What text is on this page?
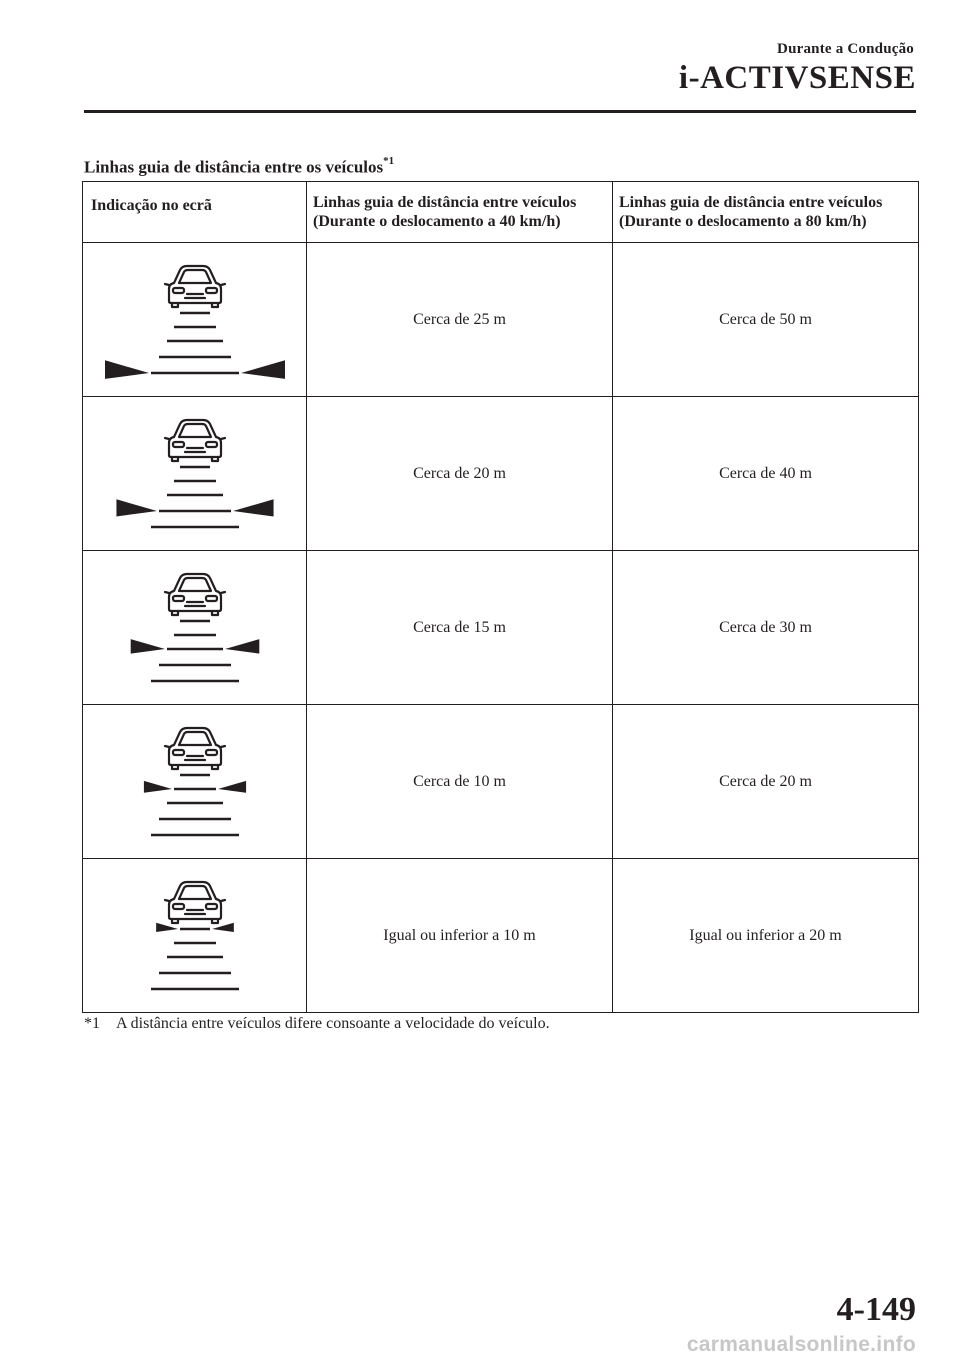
Durante a Condução
i-ACTIVSENSE
Linhas guia de distância entre os veículos$^{*1}$
Indicação no ecrã	Linhas guia de distância entre veículos (Durante o deslocamento a 40 km/h)	Linhas guia de distância entre veículos (Durante o deslocamento a 80 km/h)

	Cerca de 25 m	Cerca de 50 m

	Cerca de 20 m	Cerca de 40 m

	Cerca de 15 m	Cerca de 30 m

	Cerca de 10 m	Cerca de 20 m

	Igual ou inferior a 10 m	Igual ou inferior a 20 m
*1 A distância entre veículos difere consoante a velocidade do veículo.
4-149
carmanualsonline.info
